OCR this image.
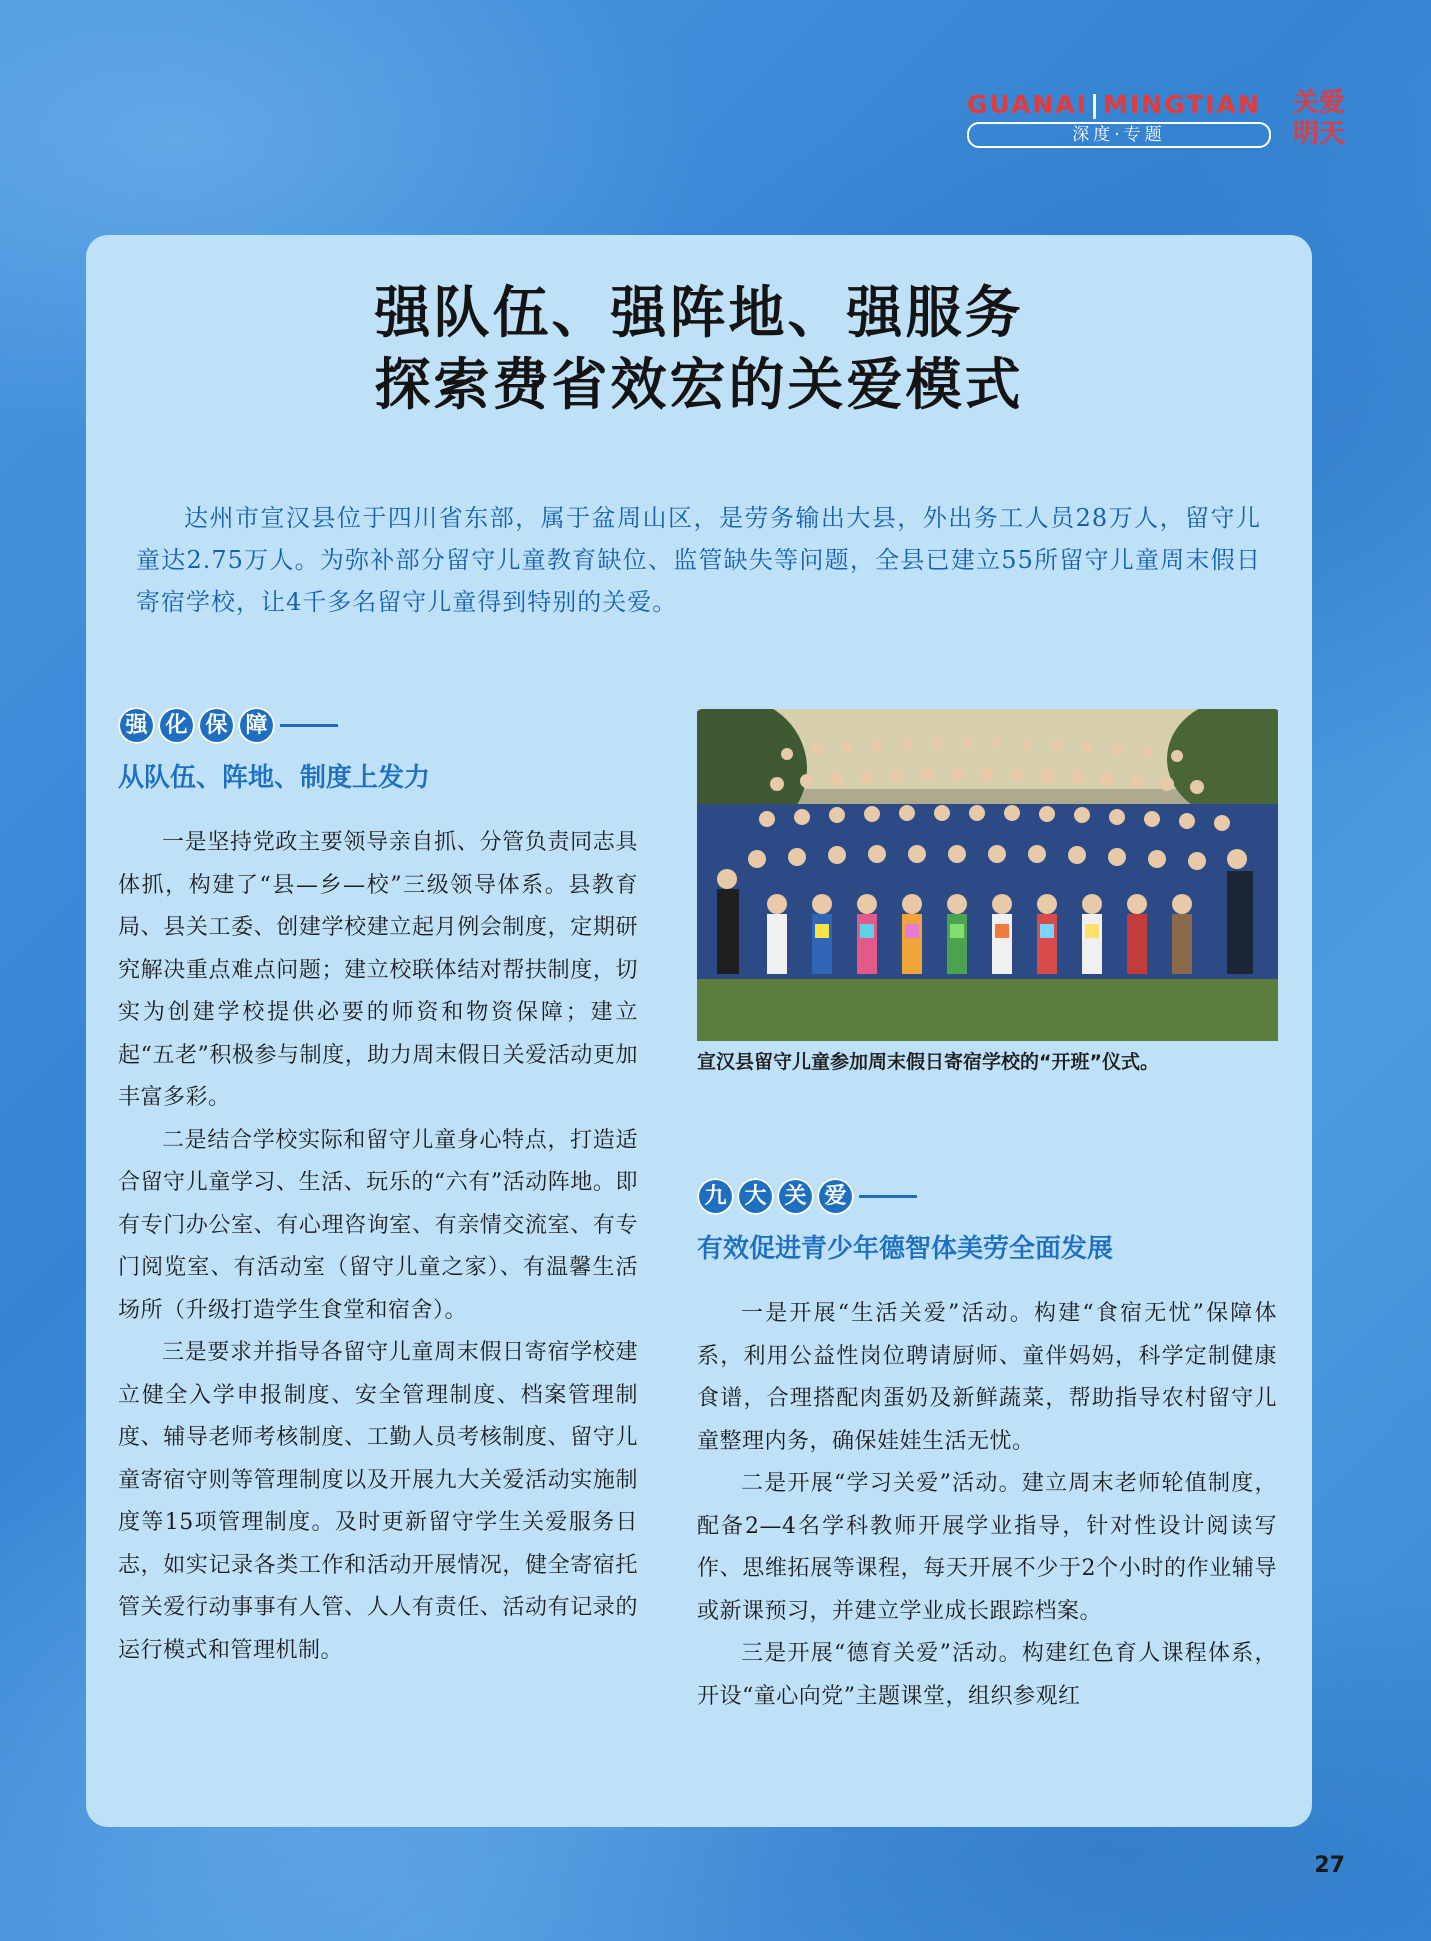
GUANAI|MINGTIAN
深度·专题
关爱
明天
强队伍、强阵地、强服务
探索费省效宏的关爱模式
达州市宣汉县位于四川省东部，属于盆周山区，是劳务输出大县，外出务工人员28万人，留守儿童达2.75万人。为弥补部分留守儿童教育缺位、监管缺失等问题，全县已建立55所留守儿童周末假日寄宿学校，让4千多名留守儿童得到特别的关爱。
强 化 保 障
从队伍、阵地、制度上发力

一是坚持党政主要领导亲自抓、分管负责同志具体抓，构建了“县—乡—校”三级领导体系。县教育局、县关工委、创建学校建立起月例会制度，定期研究解决重点难点问题；建立校联体结对帮扶制度，切实为创建学校提供必要的师资和物资保障；建立起“五老”积极参与制度，助力周末假日关爱活动更加丰富多彩。

二是结合学校实际和留守儿童身心特点，打造适合留守儿童学习、生活、玩乐的“六有”活动阵地。即有专门办公室、有心理咨询室、有亲情交流室、有专门阅览室、有活动室（留守儿童之家）、有温馨生活场所（升级打造学生食堂和宿舍）。

三是要求并指导各留守儿童周末假日寄宿学校建立健全入学申报制度、安全管理制度、档案管理制度、辅导老师考核制度、工勤人员考核制度、留守儿童寄宿守则等管理制度以及开展九大关爱活动实施制度等15项管理制度。及时更新留守学生关爱服务日志，如实记录各类工作和活动开展情况，健全寄宿托管关爱行动事事有人管、人人有责任、活动有记录的运行模式和管理机制。

宣汉县留守儿童参加周末假日寄宿学校的“开班”仪式。
九 大 关 爱
有效促进青少年德智体美劳全面发展

一是开展“生活关爱”活动。构建“食宿无忧”保障体系，利用公益性岗位聘请厨师、童伴妈妈，科学定制健康食谱，合理搭配肉蛋奶及新鲜蔬菜，帮助指导农村留守儿童整理内务，确保娃娃生活无忧。

二是开展“学习关爱”活动。建立周末老师轮值制度，配备2—4名学科教师开展学业指导，针对性设计阅读写作、思维拓展等课程，每天开展不少于2个小时的作业辅导或新课预习，并建立学业成长跟踪档案。

三是开展“德育关爱”活动。构建红色育人课程体系，开设“童心向党”主题课堂，组织参观红

27
